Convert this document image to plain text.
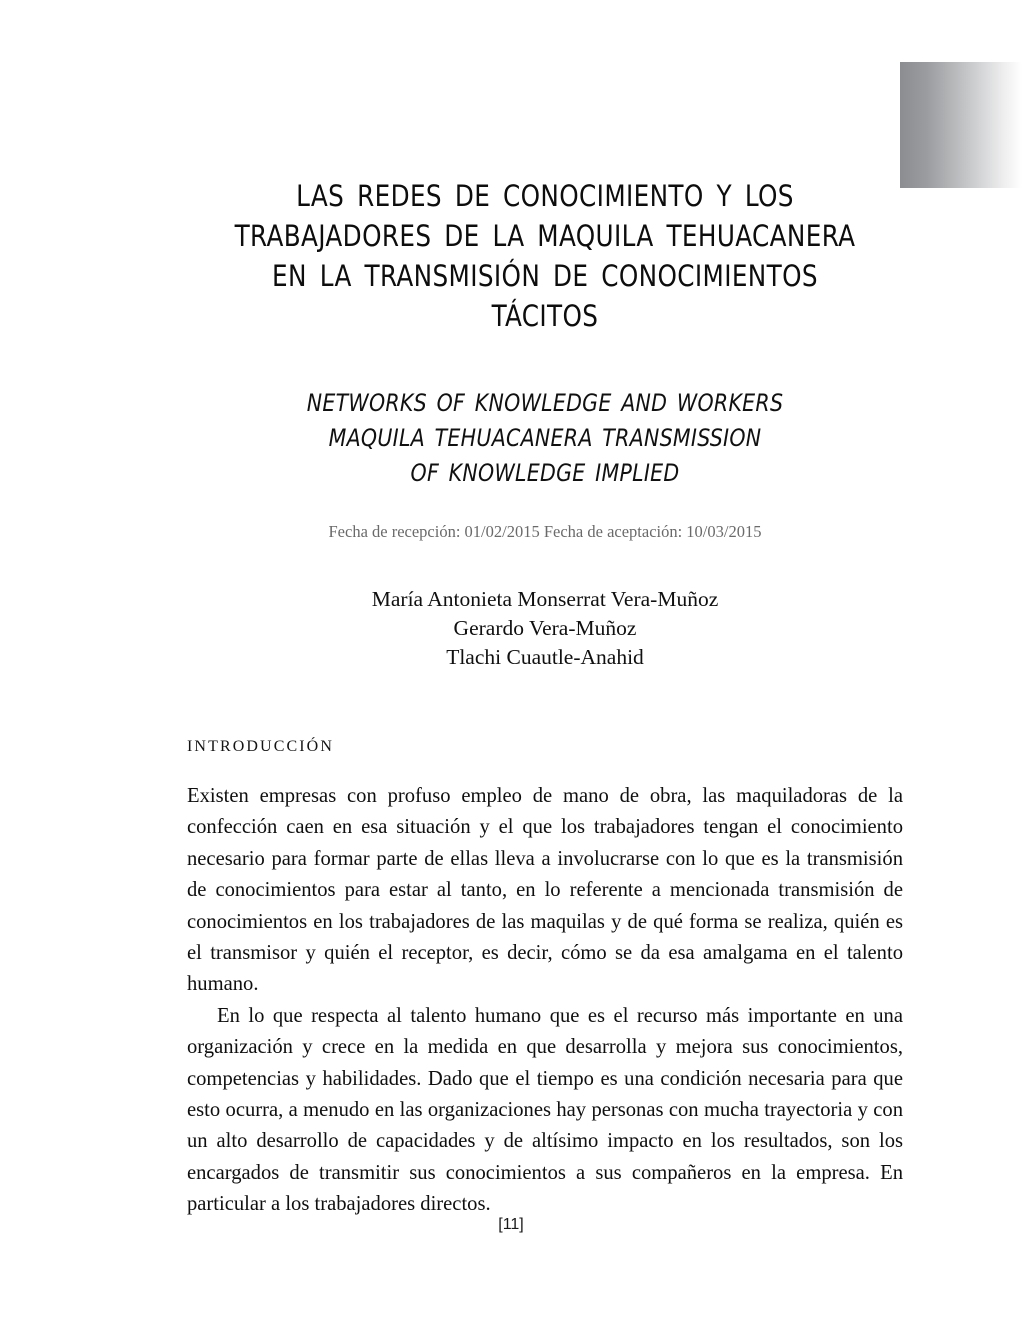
LAS REDES DE CONOCIMIENTO Y LOS
TRABAJADORES DE LA MAQUILA TEHUACANERA
EN LA TRANSMISIÓN DE CONOCIMIENTOS
TÁCITOS
NETWORKS OF KNOWLEDGE AND WORKERS
MAQUILA TEHUACANERA TRANSMISSION
OF KNOWLEDGE IMPLIED

Fecha de recepción: 01/02/2015 Fecha de aceptación: 10/03/2015

María Antonieta Monserrat Vera-Muñoz
Gerardo Vera-Muñoz
Tlachi Cuautle-Anahid
INTRODUCCIÓN

Existen empresas con profuso empleo de mano de obra, las maquiladoras de la confección caen en esa situación y el que los trabajadores tengan el conocimiento necesario para formar parte de ellas lleva a involucrarse con lo que es la transmisión de conocimientos para estar al tanto, en lo referente a mencionada transmisión de conocimientos en los trabajadores de las maquilas y de qué forma se realiza, quién es el transmisor y quién el receptor, es decir, cómo se da esa amalgama en el talento humano.

En lo que respecta al talento humano que es el recurso más importante en una organización y crece en la medida en que desarrolla y mejora sus conocimientos, competencias y habilidades. Dado que el tiempo es una condición necesaria para que esto ocurra, a menudo en las organizaciones hay personas con mucha trayectoria y con un alto desarrollo de capacidades y de altísimo impacto en los resultados, son los encargados de transmitir sus conocimientos a sus compañeros en la empresa. En particular a los trabajadores directos.

[11]
